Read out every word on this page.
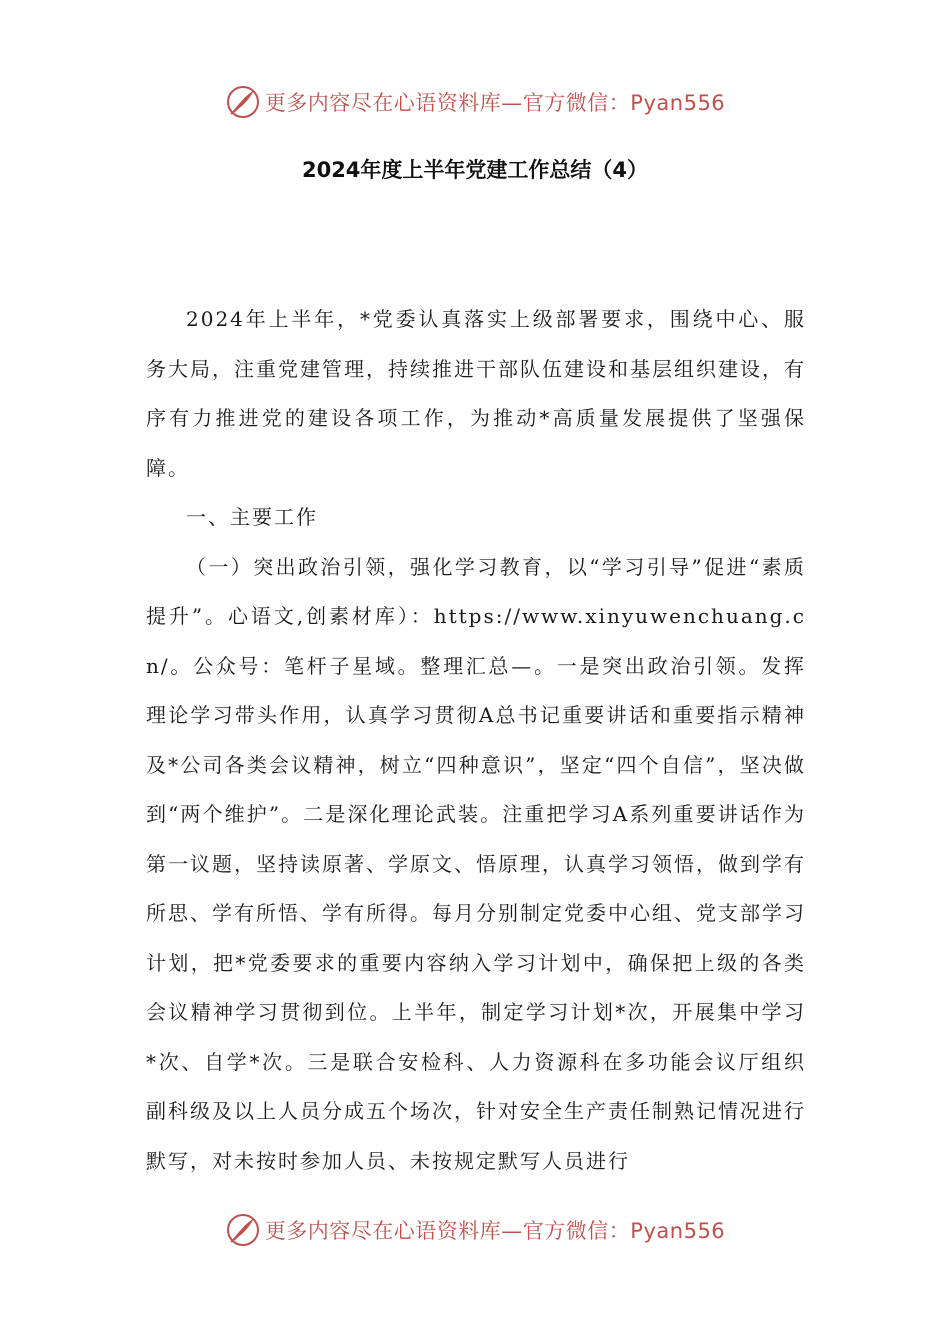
更多内容尽在心语资料库—官方微信：Pyan556
2024年度上半年党建工作总结（4）

2024年上半年，*党委认真落实上级部署要求，围绕中心、服务大局，注重党建管理，持续推进干部队伍建设和基层组织建设，有序有力推进党的建设各项工作，为推动*高质量发展提供了坚强保障。

一、主要工作

（一）突出政治引领，强化学习教育，以“学习引导”促进“素质提升”。心语文,创素材库）：https://www.xinyuwenchuang.cn/。公众号：笔杆子星域。整理汇总—。一是突出政治引领。发挥理论学习带头作用，认真学习贯彻A总书记重要讲话和重要指示精神及*公司各类会议精神，树立“四种意识”，坚定“四个自信”，坚决做到“两个维护”。二是深化理论武装。注重把学习A系列重要讲话作为第一议题，坚持读原著、学原文、悟原理，认真学习领悟，做到学有所思、学有所悟、学有所得。每月分别制定党委中心组、党支部学习计划，把*党委要求的重要内容纳入学习计划中，确保把上级的各类会议精神学习贯彻到位。上半年，制定学习计划*次，开展集中学习*次、自学*次。三是联合安检科、人力资源科在多功能会议厅组织副科级及以上人员分成五个场次，针对安全生产责任制熟记情况进行默写，对未按时参加人员、未按规定默写人员进行

更多内容尽在心语资料库—官方微信：Pyan556
